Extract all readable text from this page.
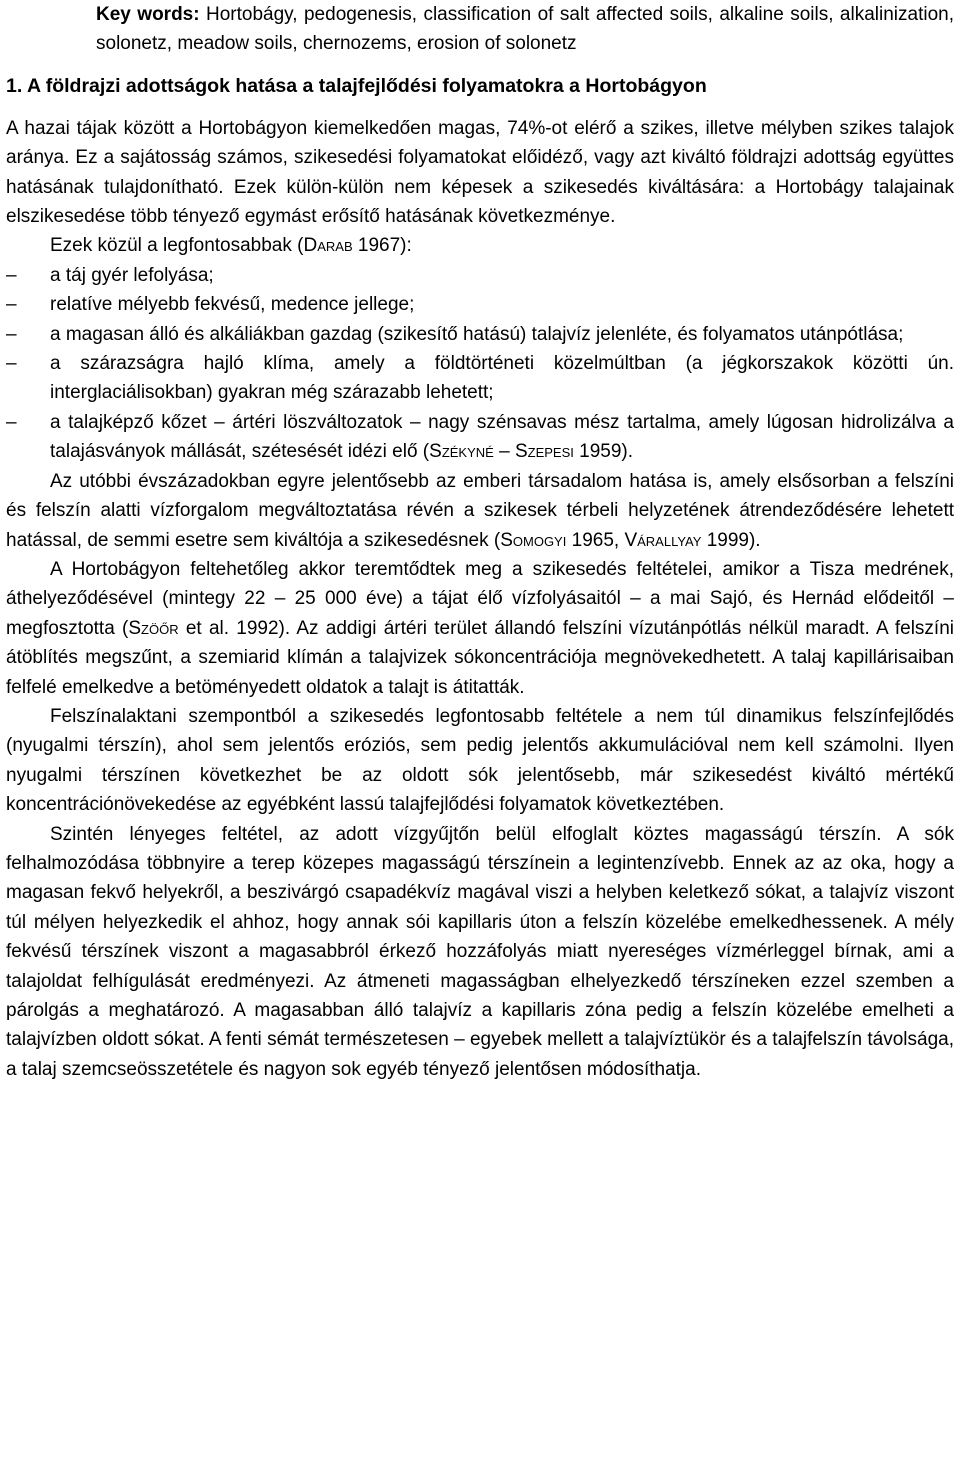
Key words: Hortobágy, pedogenesis, classification of salt affected soils, alkaline soils, alkalinization, solonetz, meadow soils, chernozems, erosion of solonetz

1. A földrajzi adottságok hatása a talajfejlődési folyamatokra a Hortobágyon

A hazai tájak között a Hortobágyon kiemelkedően magas, 74%-ot elérő a szikes, illetve mélyben szikes talajok aránya. Ez a sajátosság számos, szikesedési folyamatokat előidéző, vagy azt kiváltó földrajzi adottság együttes hatásának tulajdonítható. Ezek külön-külön nem képesek a szikesedés kiváltására: a Hortobágy talajainak elszikesedése több tényező egymást erősítő hatásának következménye.

Ezek közül a legfontosabbak (Darab 1967):

–	a táj gyér lefolyása;
–	relatíve mélyebb fekvésű, medence jellege;
–	a magasan álló és alkáliákban gazdag (szikesítő hatású) talajvíz jelenléte, és folyamatos utánpótlása;
–	a szárazságra hajló klíma, amely a földtörténeti közelmúltban (a jégkorszakok közötti ún. interglaciálisokban) gyakran még szárazabb lehetett;
–	a talajképző kőzet – ártéri löszváltozatok – nagy szénsavas mész tartalma, amely lúgosan hidrolizálva a talajásványok mállását, szétesését idézi elő (Székyné – Szepesi 1959).

Az utóbbi évszázadokban egyre jelentősebb az emberi társadalom hatása is, amely elsősorban a felszíni és felszín alatti vízforgalom megváltoztatása révén a szikesek térbeli helyzetének átrendeződésére lehetett hatással, de semmi esetre sem kiváltója a szikesedésnek (Somogyi 1965, Várallyay 1999).

A Hortobágyon feltehetőleg akkor teremtődtek meg a szikesedés feltételei, amikor a Tisza medrének, áthelyeződésével (mintegy 22 – 25 000 éve) a tájat élő vízfolyásaitól – a mai Sajó, és Hernád elődeitől – megfosztotta (Szöőr et al. 1992). Az addigi ártéri terület állandó felszíni vízutánpótlás nélkül maradt. A felszíni átöblítés megszűnt, a szemiarid klímán a talajvizek sókoncentrációja megnövekedhetett. A talaj kapillárisaiban felfelé emelkedve a betöményedett oldatok a talajt is átitatták.

Felszínalaktani szempontból a szikesedés legfontosabb feltétele a nem túl dinamikus felszínfejlődés (nyugalmi térszín), ahol sem jelentős eróziós, sem pedig jelentős akkumulációval nem kell számolni. Ilyen nyugalmi térszínen következhet be az oldott sók jelentősebb, már szikesedést kiváltó mértékű koncentrációnövekedése az egyébként lassú talajfejlődési folyamatok következtében.

Szintén lényeges feltétel, az adott vízgyűjtőn belül elfoglalt köztes magasságú térszín. A sók felhalmozódása többnyire a terep közepes magasságú térszínein a legintenzívebb. Ennek az az oka, hogy a magasan fekvő helyekről, a beszivárgó csapadékvíz magával viszi a helyben keletkező sókat, a talajvíz viszont túl mélyen helyezkedik el ahhoz, hogy annak sói kapillaris úton a felszín közelébe emelkedhessenek. A mély fekvésű térszínek viszont a magasabbról érkező hozzáfolyás miatt nyereséges vízmérleggel bírnak, ami a talajoldat felhígulását eredményezi. Az átmeneti magasságban elhelyezkedő térszíneken ezzel szemben a párolgás a meghatározó. A magasabban álló talajvíz a kapillaris zóna pedig a felszín közelébe emelheti a talajvízben oldott sókat. A fenti sémát természetesen – egyebek mellett a talajvíztükör és a talajfelszín távolsága, a talaj szemcseösszetétele és nagyon sok egyéb tényező jelentősen módosíthatja.
